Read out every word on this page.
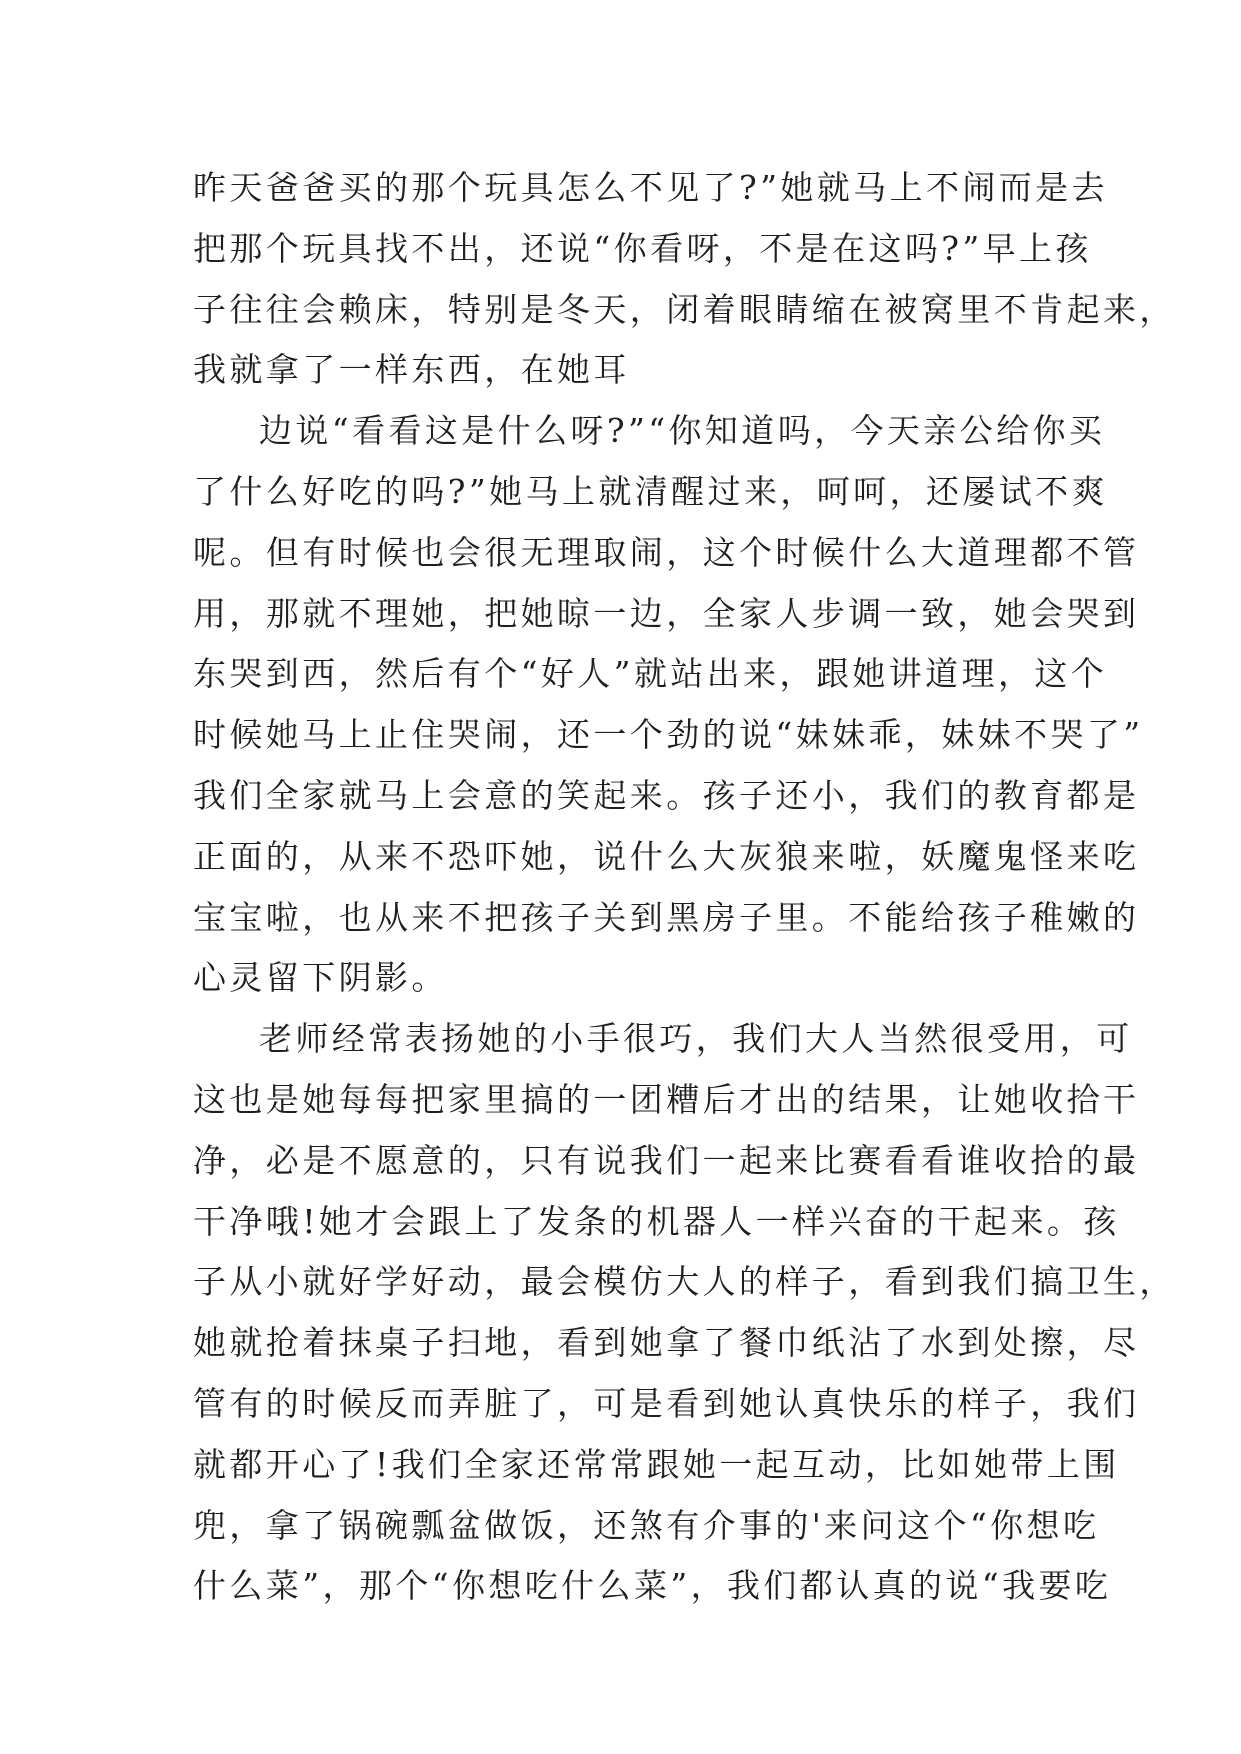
昨天爸爸买的那个玩具怎么不见了?”她就马上不闹而是去
把那个玩具找不出，还说“你看呀，不是在这吗?”早上孩
子往往会赖床，特别是冬天，闭着眼睛缩在被窝里不肯起来，
我就拿了一样东西，在她耳
边说“看看这是什么呀?”“你知道吗，今天亲公给你买
了什么好吃的吗?”她马上就清醒过来，呵呵，还屡试不爽
呢。但有时候也会很无理取闹，这个时候什么大道理都不管
用，那就不理她，把她晾一边，全家人步调一致，她会哭到
东哭到西，然后有个“好人”就站出来，跟她讲道理，这个
时候她马上止住哭闹，还一个劲的说“妹妹乖，妹妹不哭了”
我们全家就马上会意的笑起来。孩子还小，我们的教育都是
正面的，从来不恐吓她，说什么大灰狼来啦，妖魔鬼怪来吃
宝宝啦，也从来不把孩子关到黑房子里。不能给孩子稚嫩的
心灵留下阴影。
老师经常表扬她的小手很巧，我们大人当然很受用，可
这也是她每每把家里搞的一团糟后才出的结果，让她收拾干
净，必是不愿意的，只有说我们一起来比赛看看谁收拾的最
干净哦!她才会跟上了发条的机器人一样兴奋的干起来。孩
子从小就好学好动，最会模仿大人的样子，看到我们搞卫生，
她就抢着抹桌子扫地，看到她拿了餐巾纸沾了水到处擦，尽
管有的时候反而弄脏了，可是看到她认真快乐的样子，我们
就都开心了!我们全家还常常跟她一起互动，比如她带上围
兜，拿了锅碗瓢盆做饭，还煞有介事的'来问这个“你想吃
什么菜”，那个“你想吃什么菜”，我们都认真的说“我要吃
